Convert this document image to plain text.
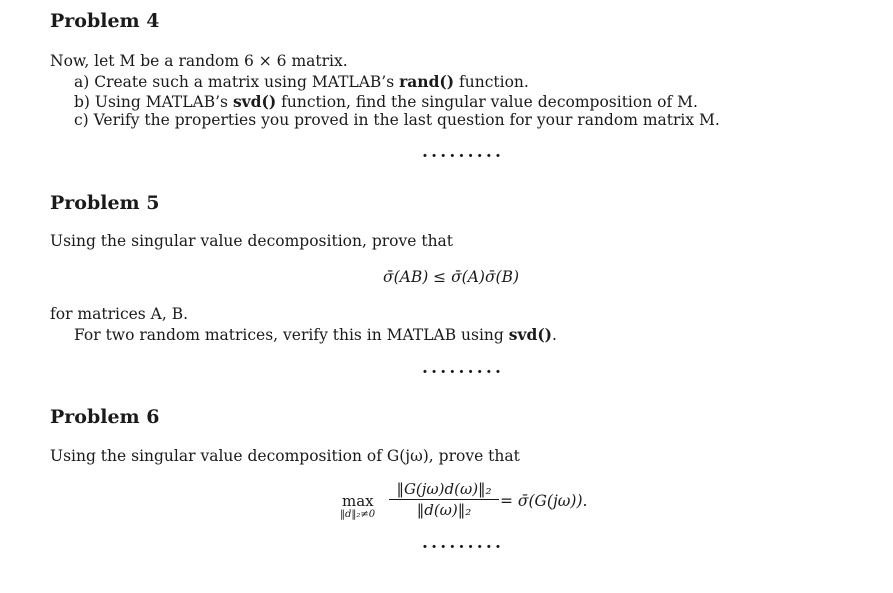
Problem 4
Now, let M be a random 6 × 6 matrix.
a) Create such a matrix using MATLAB’s rand() function.
b) Using MATLAB’s svd() function, find the singular value decomposition of M.
c) Verify the properties you proved in the last question for your random matrix M.
.........
Problem 5
Using the singular value decomposition, prove that
σ̄(AB) ≤ σ̄(A)σ̄(B)
for matrices A, B.
For two random matrices, verify this in MATLAB using svd().
.........
Problem 6
Using the singular value decomposition of G(jω), prove that
max
‖d‖₂≠0
‖G(jω)d(ω)‖₂
‖d(ω)‖₂ = σ̄(G(jω)).
.........
